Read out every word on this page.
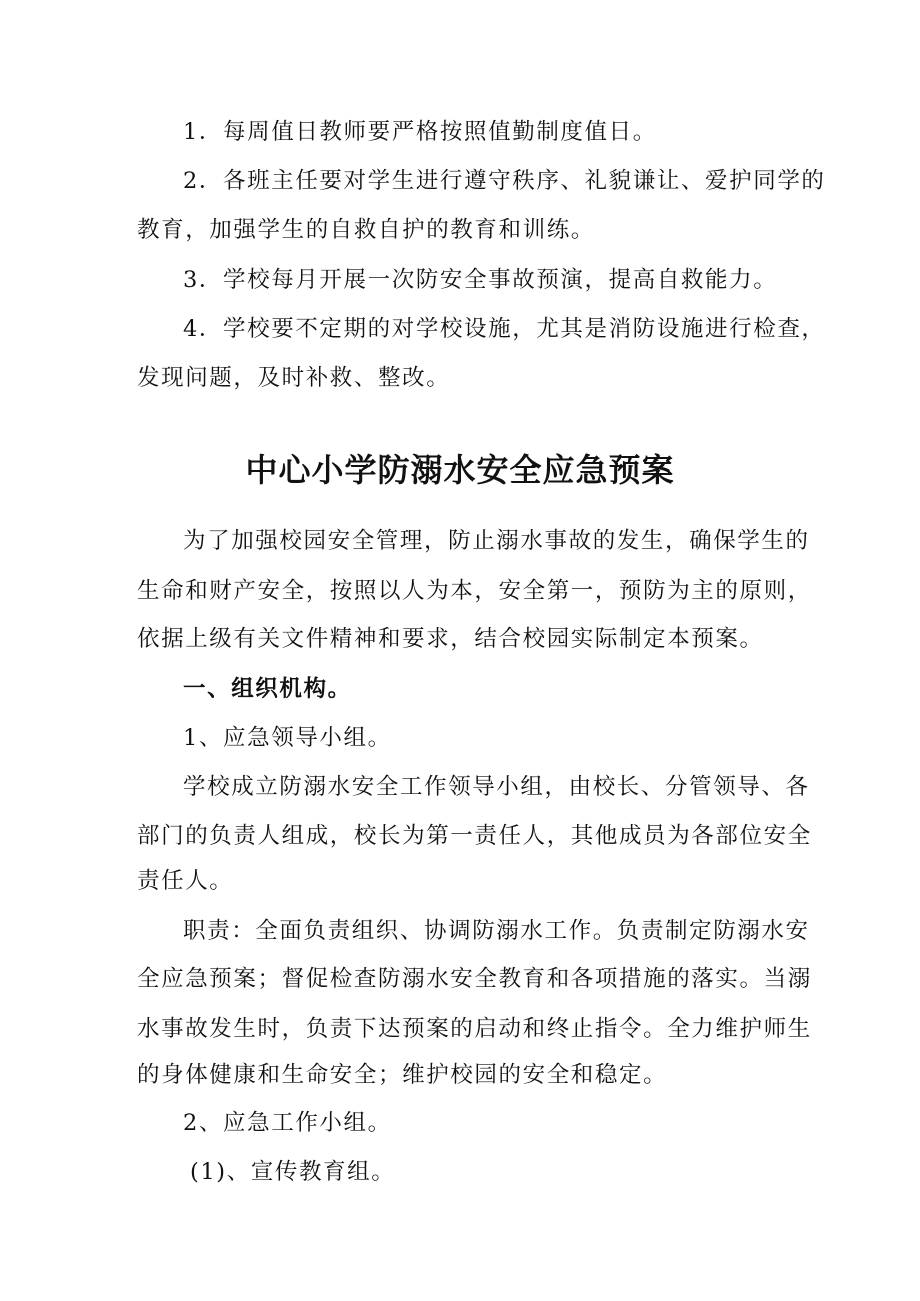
1．每周值日教师要严格按照值勤制度值日。

2．各班主任要对学生进行遵守秩序、礼貌谦让、爱护同学的

教育，加强学生的自救自护的教育和训练。

3．学校每月开展一次防安全事故预演，提高自救能力。

4．学校要不定期的对学校设施，尤其是消防设施进行检查，

发现问题，及时补救、整改。

中心小学防溺水安全应急预案

为了加强校园安全管理，防止溺水事故的发生，确保学生的

生命和财产安全，按照以人为本，安全第一，预防为主的原则，

依据上级有关文件精神和要求，结合校园实际制定本预案。

一、组织机构。

1、应急领导小组。

学校成立防溺水安全工作领导小组，由校长、分管领导、各

部门的负责人组成，校长为第一责任人，其他成员为各部位安全

责任人。

职责：全面负责组织、协调防溺水工作。负责制定防溺水安

全应急预案；督促检查防溺水安全教育和各项措施的落实。当溺

水事故发生时，负责下达预案的启动和终止指令。全力维护师生

的身体健康和生命安全；维护校园的安全和稳定。

2、应急工作小组。

(1)、宣传教育组。
